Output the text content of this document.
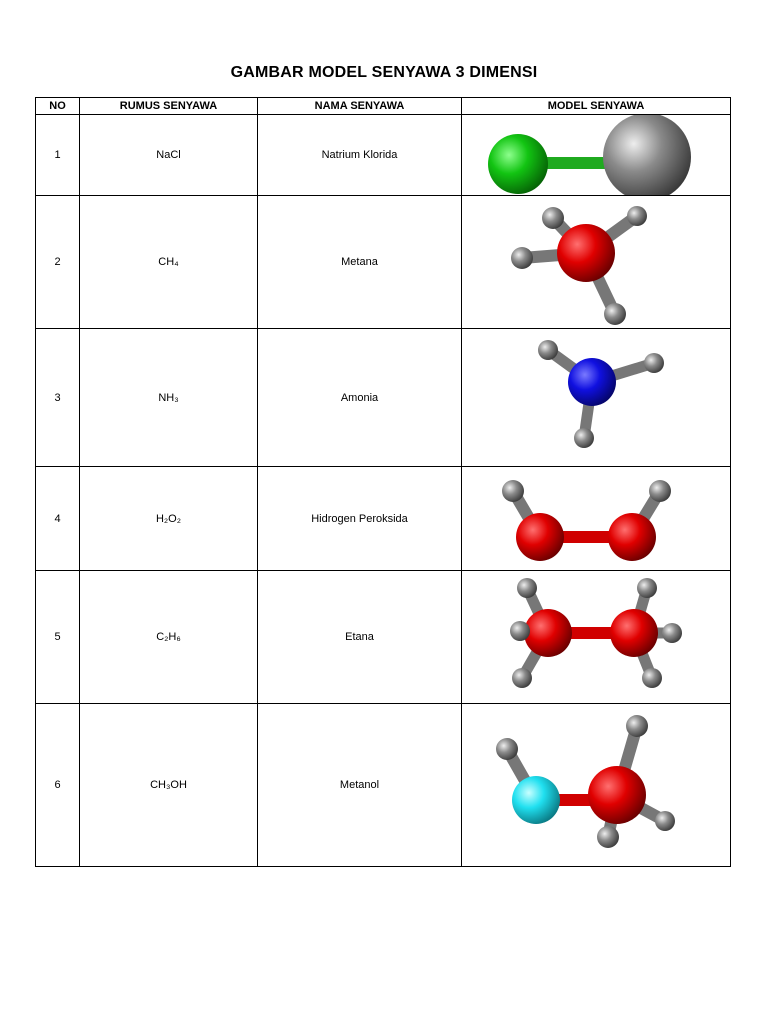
GAMBAR MODEL SENYAWA 3 DIMENSI
NO	RUMUS SENYAWA	NAMA SENYAWA	MODEL SENYAWA
1	NaCl	Natrium Klorida	

2	CH₄	Metana	

3	NH₃	Amonia	

4	H₂O₂	Hidrogen Peroksida	

5	C₂H₆	Etana	

6	CH₃OH	Metanol	
